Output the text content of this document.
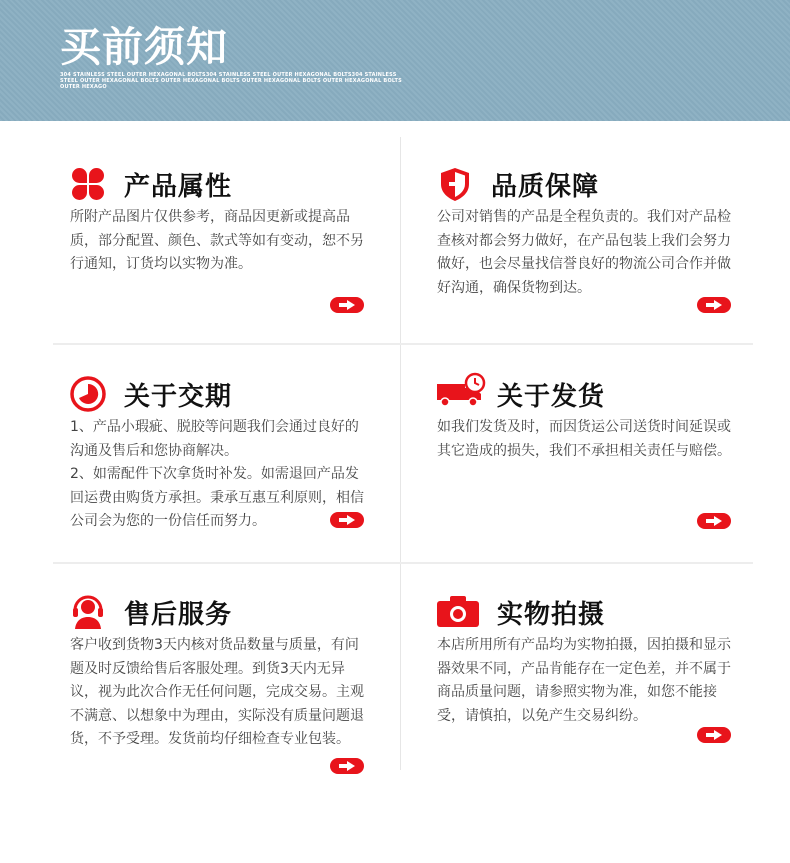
买前须知
304 STAINLESS STEEL OUTER HEXAGONAL BOLTS304 STAINLESS STEEL OUTER HEXAGONAL BOLTS304 STAINLESS STEEL OUTER HEXAGONAL BOLTS OUTER HEXAGONAL BOLTS OUTER HEXAGONAL BOLTS OUTER HEXAGONAL BOLTS OUTER HEXAGO
产品属性
所附产品图片仅供参考，商品因更新或提高品质，部分配置、颜色、款式等如有变动，恕不另行通知，订货均以实物为准。
品质保障
公司对销售的产品是全程负责的。我们对产品检查核对都会努力做好，在产品包装上我们会努力做好，也会尽量找信誉良好的物流公司合作并做好沟通，确保货物到达。
关于交期
1、产品小瑕疵、脱胶等问题我们会通过良好的沟通及售后和您协商解决。
2、如需配件下次拿货时补发。如需退回产品发回运费由购货方承担。秉承互惠互利原则，相信公司会为您的一份信任而努力。
关于发货
如我们发货及时，而因货运公司送货时间延误或其它造成的损失，我们不承担相关责任与赔偿。
售后服务
客户收到货物3天内核对货品数量与质量，有问题及时反馈给售后客服处理。到货3天内无异议，视为此次合作无任何问题，完成交易。主观不满意、以想象中为理由，实际没有质量问题退货，不予受理。发货前均仔细检查专业包装。
实物拍摄
本店所用所有产品均为实物拍摄，因拍摄和显示器效果不同，产品肯能存在一定色差，并不属于商品质量问题，请参照实物为准，如您不能接受，请慎拍，以免产生交易纠纷。
